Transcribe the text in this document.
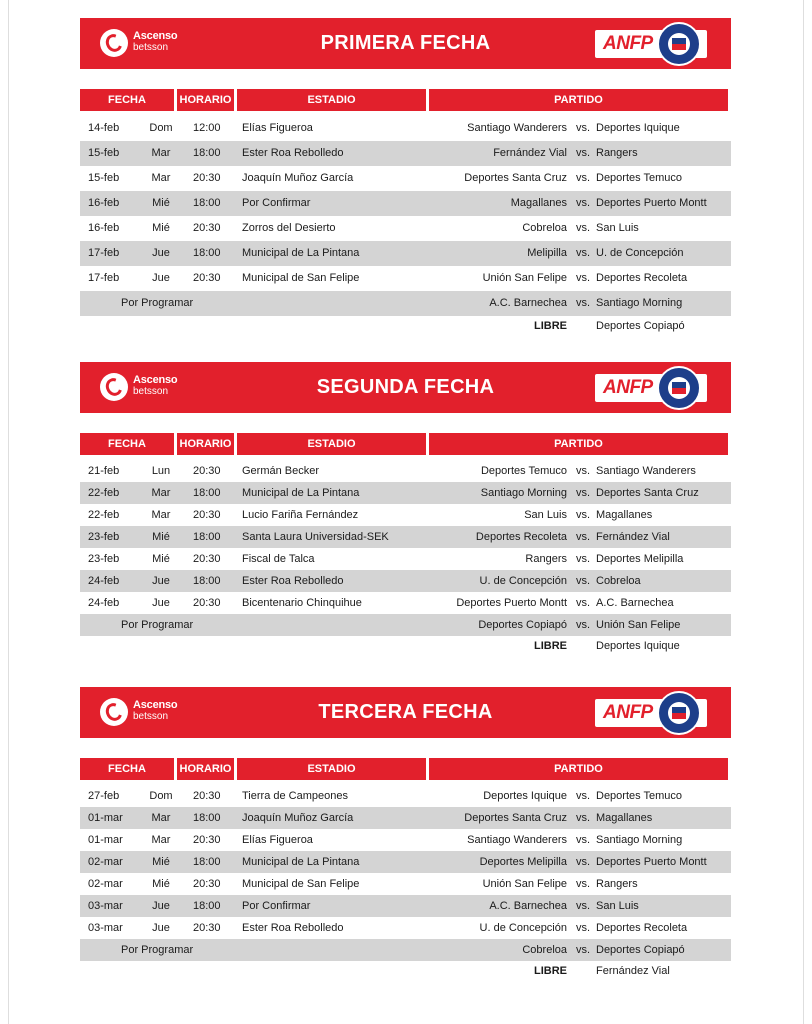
Ascenso
betsson	PRIMERA FECHA	ANFP
FECHA	HORARIO	ESTADIO	PARTIDO
14-feb	Dom	12:00 Elías Figueroa	Santiago Wanderers vs. Deportes Iquique
15-feb	Mar	18:00 Ester Roa Rebolledo	Fernández Vial vs. Rangers
15-feb	Mar	20:30 Joaquín Muñoz García	Deportes Santa Cruz vs. Deportes Temuco
16-feb	Mié	18:00 Por Confirmar	Magallanes vs. Deportes Puerto Montt
16-feb	Mié	20:30 Zorros del Desierto	Cobreloa vs. San Luis
17-feb	Jue	18:00 Municipal de La Pintana	Melipilla vs. U. de Concepción
17-feb	Jue	20:30 Municipal de San Felipe	Unión San Felipe vs. Deportes Recoleta
Por Programar	A.C. Barnechea vs. Santiago Morning
LIBRE	Deportes Copiapó
Ascenso
betsson	SEGUNDA FECHA	ANFP
FECHA	HORARIO	ESTADIO	PARTIDO
21-feb	Lun	20:30 Germán Becker	Deportes Temuco vs. Santiago Wanderers
22-feb	Mar	18:00 Municipal de La Pintana	Santiago Morning vs. Deportes Santa Cruz
22-feb	Mar	20:30 Lucio Fariña Fernández	San Luis vs. Magallanes
23-feb	Mié	18:00 Santa Laura Universidad-SEK	Deportes Recoleta vs. Fernández Vial
23-feb	Mié	20:30 Fiscal de Talca	Rangers vs. Deportes Melipilla
24-feb	Jue	18:00 Ester Roa Rebolledo	U. de Concepción vs. Cobreloa
24-feb	Jue	20:30 Bicentenario Chinquihue	Deportes Puerto Montt vs. A.C. Barnechea
Por Programar	Deportes Copiapó vs. Unión San Felipe
LIBRE	Deportes Iquique
Ascenso
betsson	TERCERA FECHA	ANFP
FECHA	HORARIO	ESTADIO	PARTIDO
27-feb	Dom	20:30 Tierra de Campeones	Deportes Iquique vs. Deportes Temuco
01-mar	Mar	18:00 Joaquín Muñoz García	Deportes Santa Cruz vs. Magallanes
01-mar	Mar	20:30 Elías Figueroa	Santiago Wanderers vs. Santiago Morning
02-mar	Mié	18:00 Municipal de La Pintana	Deportes Melipilla vs. Deportes Puerto Montt
02-mar	Mié	20:30 Municipal de San Felipe	Unión San Felipe vs. Rangers
03-mar	Jue	18:00 Por Confirmar	A.C. Barnechea vs. San Luis
03-mar	Jue	20:30 Ester Roa Rebolledo	U. de Concepción vs. Deportes Recoleta
Por Programar	Cobreloa vs. Deportes Copiapó
LIBRE	Fernández Vial
